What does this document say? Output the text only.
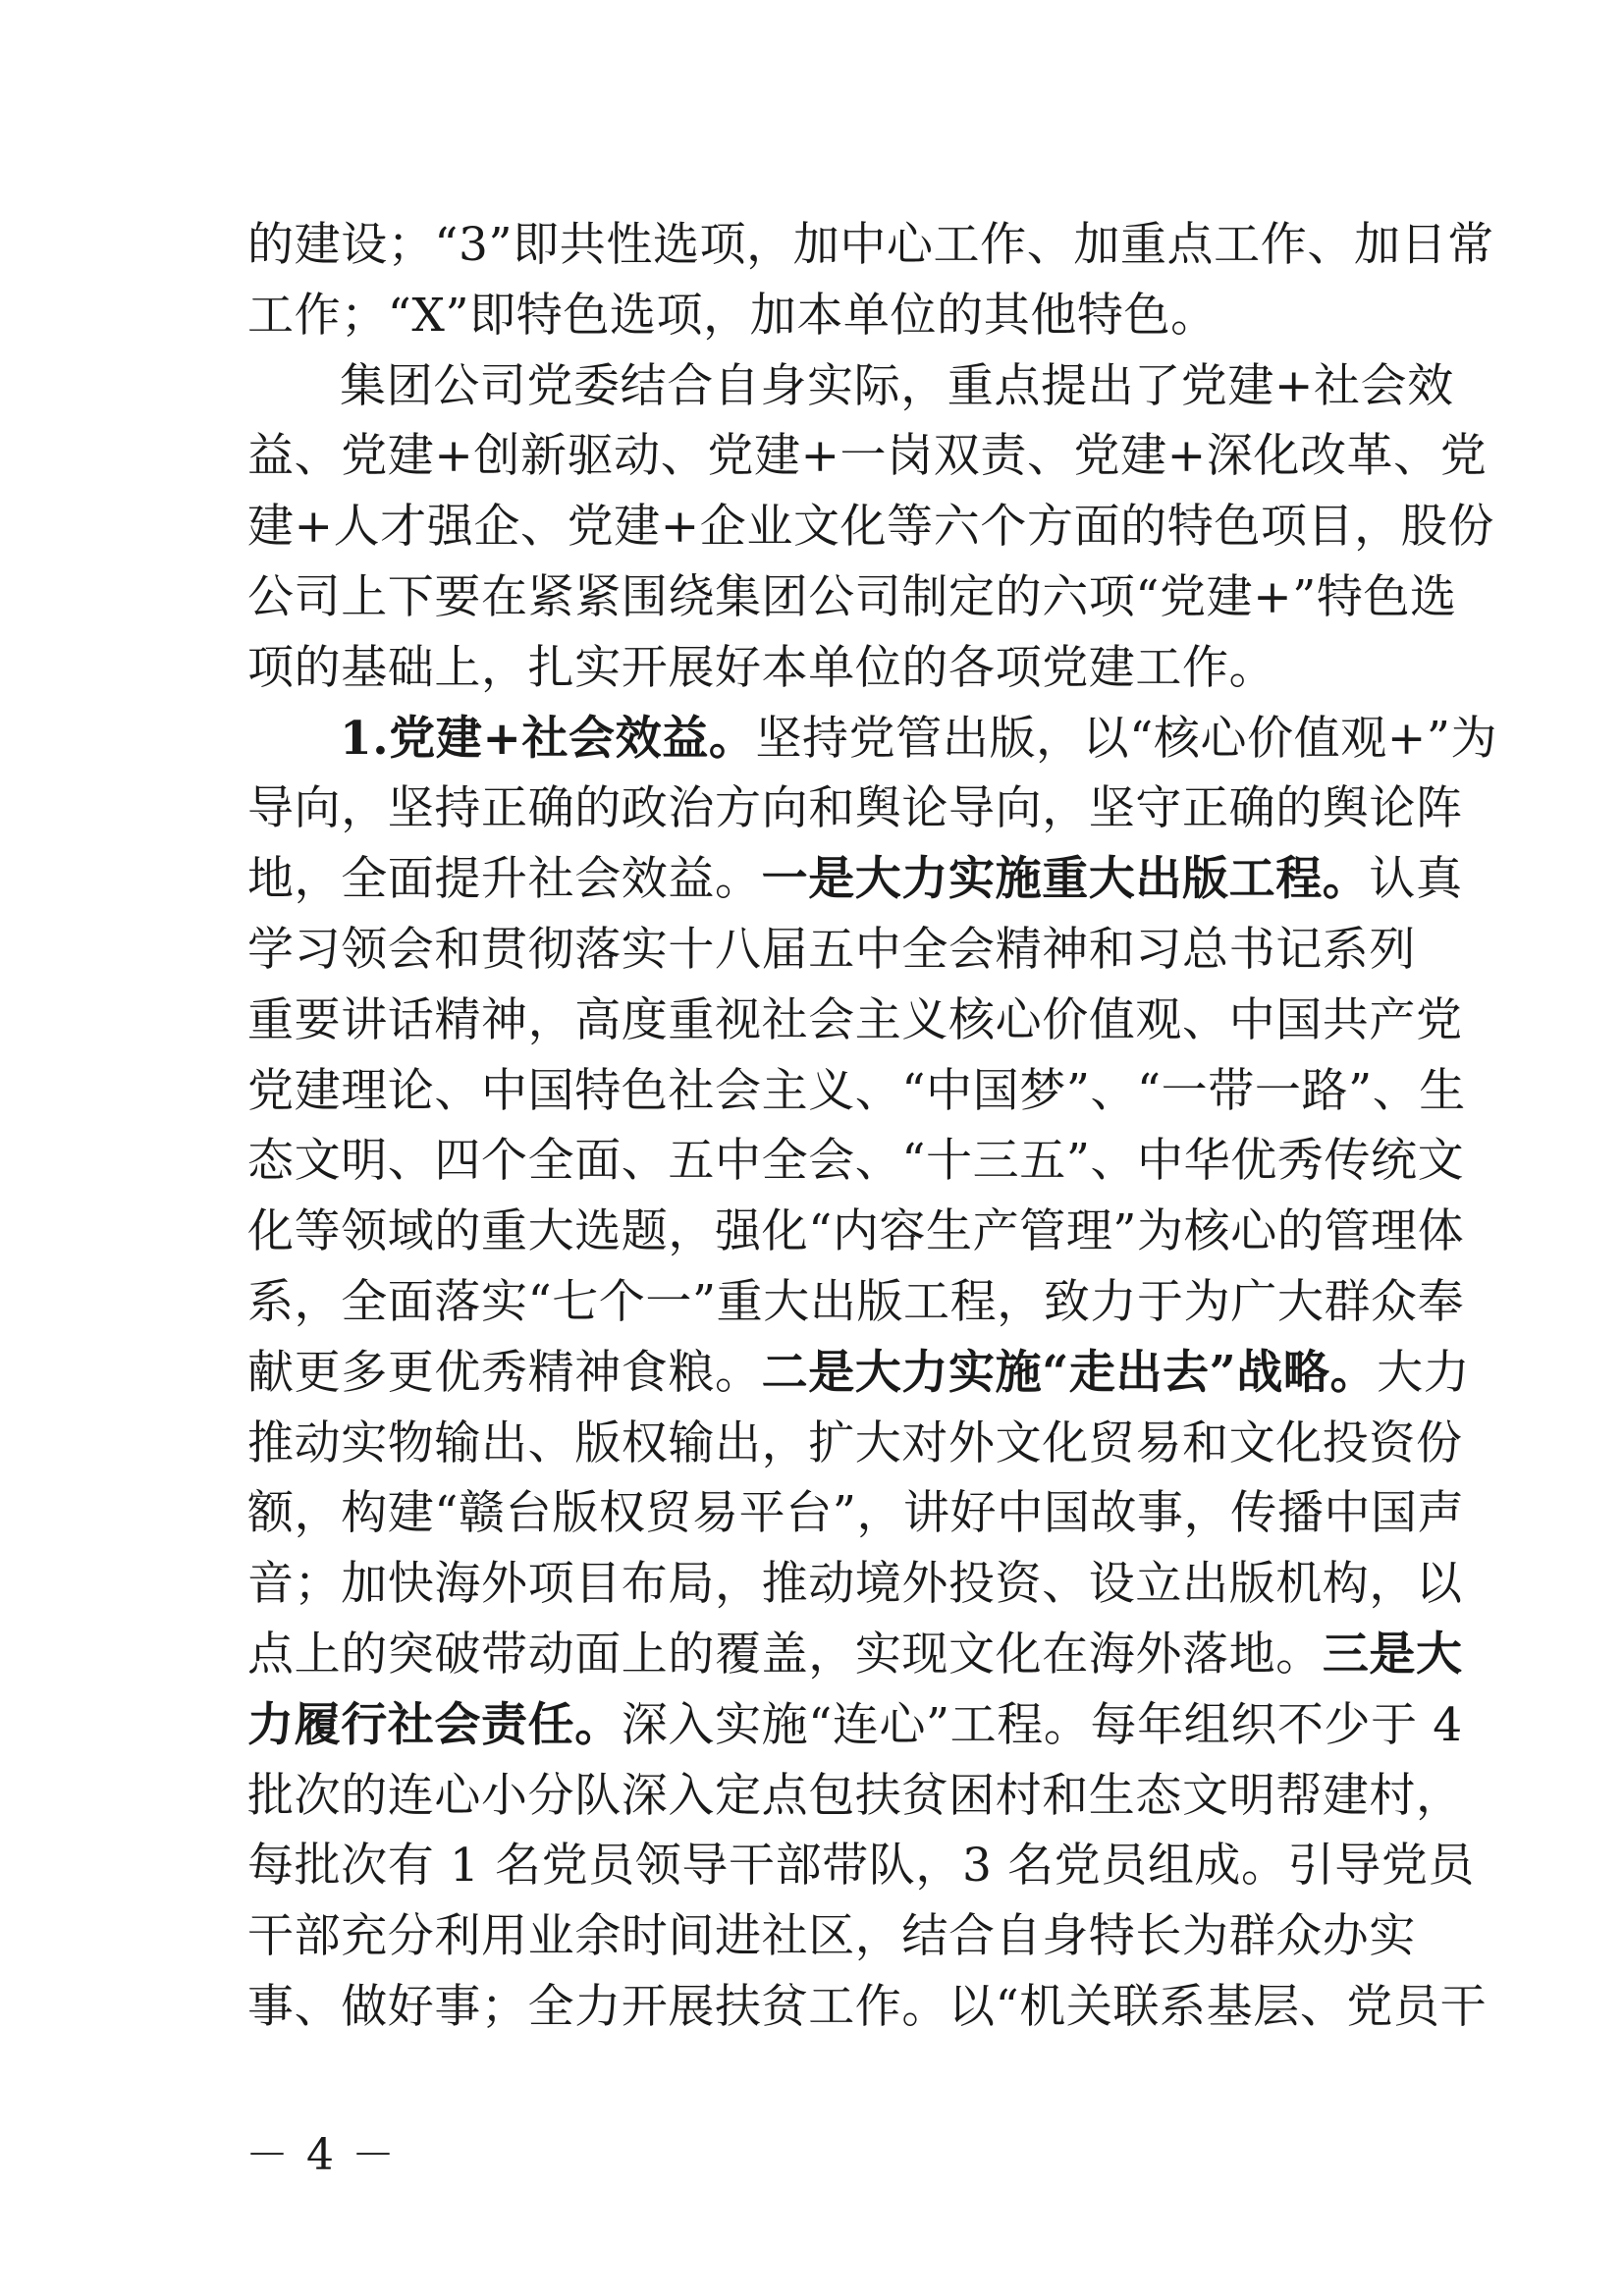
的建设；“3”即共性选项，加中心工作、加重点工作、加日常
工作；“X”即特色选项，加本单位的其他特色。
集团公司党委结合自身实际，重点提出了党建+社会效
益、党建+创新驱动、党建+一岗双责、党建+深化改革、党
建+人才强企、党建+企业文化等六个方面的特色项目，股份
公司上下要在紧紧围绕集团公司制定的六项“党建+”特色选
项的基础上，扎实开展好本单位的各项党建工作。
1.党建+社会效益。坚持党管出版，以“核心价值观+”为
导向，坚持正确的政治方向和舆论导向，坚守正确的舆论阵
地，全面提升社会效益。一是大力实施重大出版工程。认真
学习领会和贯彻落实十八届五中全会精神和习总书记系列
重要讲话精神，高度重视社会主义核心价值观、中国共产党
党建理论、中国特色社会主义、“中国梦”、“一带一路”、生
态文明、四个全面、五中全会、“十三五”、中华优秀传统文
化等领域的重大选题，强化“内容生产管理”为核心的管理体
系，全面落实“七个一”重大出版工程，致力于为广大群众奉
献更多更优秀精神食粮。二是大力实施“走出去”战略。大力
推动实物输出、版权输出，扩大对外文化贸易和文化投资份
额，构建“赣台版权贸易平台”，讲好中国故事，传播中国声
音；加快海外项目布局，推动境外投资、设立出版机构，以
点上的突破带动面上的覆盖，实现文化在海外落地。三是大
力履行社会责任。深入实施“连心”工程。每年组织不少于 4
批次的连心小分队深入定点包扶贫困村和生态文明帮建村，
每批次有 1 名党员领导干部带队，3 名党员组成。引导党员
干部充分利用业余时间进社区，结合自身特长为群众办实
事、做好事；全力开展扶贫工作。以“机关联系基层、党员干
－ 4 －
